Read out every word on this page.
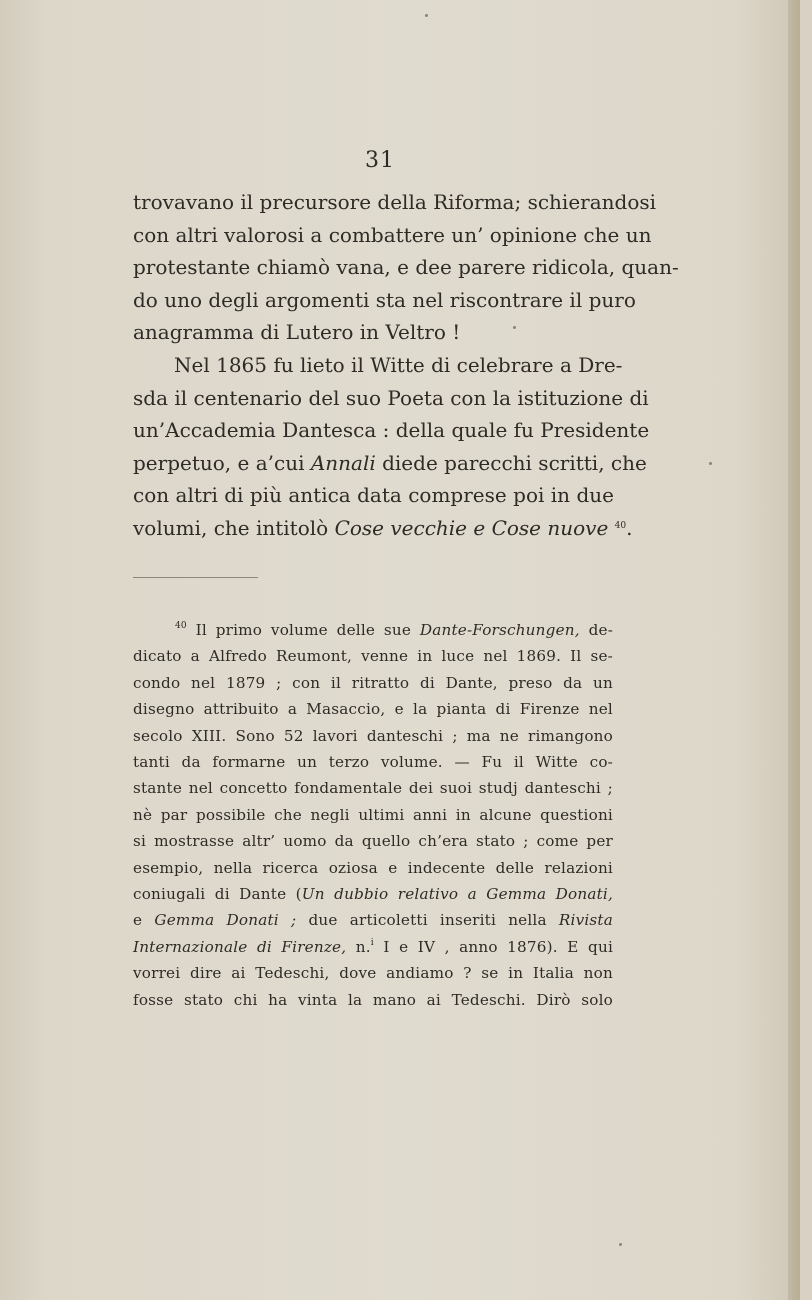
31
trovavano il precursore della Riforma; schierandosi
con altri valorosi a combattere un’ opinione che un
protestante chiamò vana, e dee parere ridicola, quan-
do uno degli argomenti sta nel riscontrare il puro
anagramma di Lutero in Veltro !
Nel 1865 fu lieto il Witte di celebrare a Dre-
sda il centenario del suo Poeta con la istituzione di
un’Accademia Dantesca : della quale fu Presidente
perpetuo, e a’cui Annali diede parecchi scritti, che
con altri di più antica data comprese poi in due
volumi, che intitolò Cose vecchie e Cose nuove $^{40}$.
$^{40}$ Il primo volume delle sue Dante-Forschungen, de-
dicato a Alfredo Reumont, venne in luce nel 1869. Il se-
condo nel 1879 ; con il ritratto di Dante, preso da un
disegno attribuito a Masaccio, e la pianta di Firenze nel
secolo XIII. Sono 52 lavori danteschi ; ma ne rimangono
tanti da formarne un terzo volume. — Fu il Witte co-
stante nel concetto fondamentale dei suoi studj danteschi ;
nè par possibile che negli ultimi anni in alcune questioni
si mostrasse altr’ uomo da quello ch’era stato ; come per
esempio, nella ricerca oziosa e indecente delle relazioni
coniugali di Dante (Un dubbio relativo a Gemma Donati,
e Gemma Donati ; due articoletti inseriti nella Rivista
Internazionale di Firenze, n.$^i$ I e IV , anno 1876). E qui
vorrei dire ai Tedeschi, dove andiamo ? se in Italia non
fosse stato chi ha vinta la mano ai Tedeschi. Dirò solo
